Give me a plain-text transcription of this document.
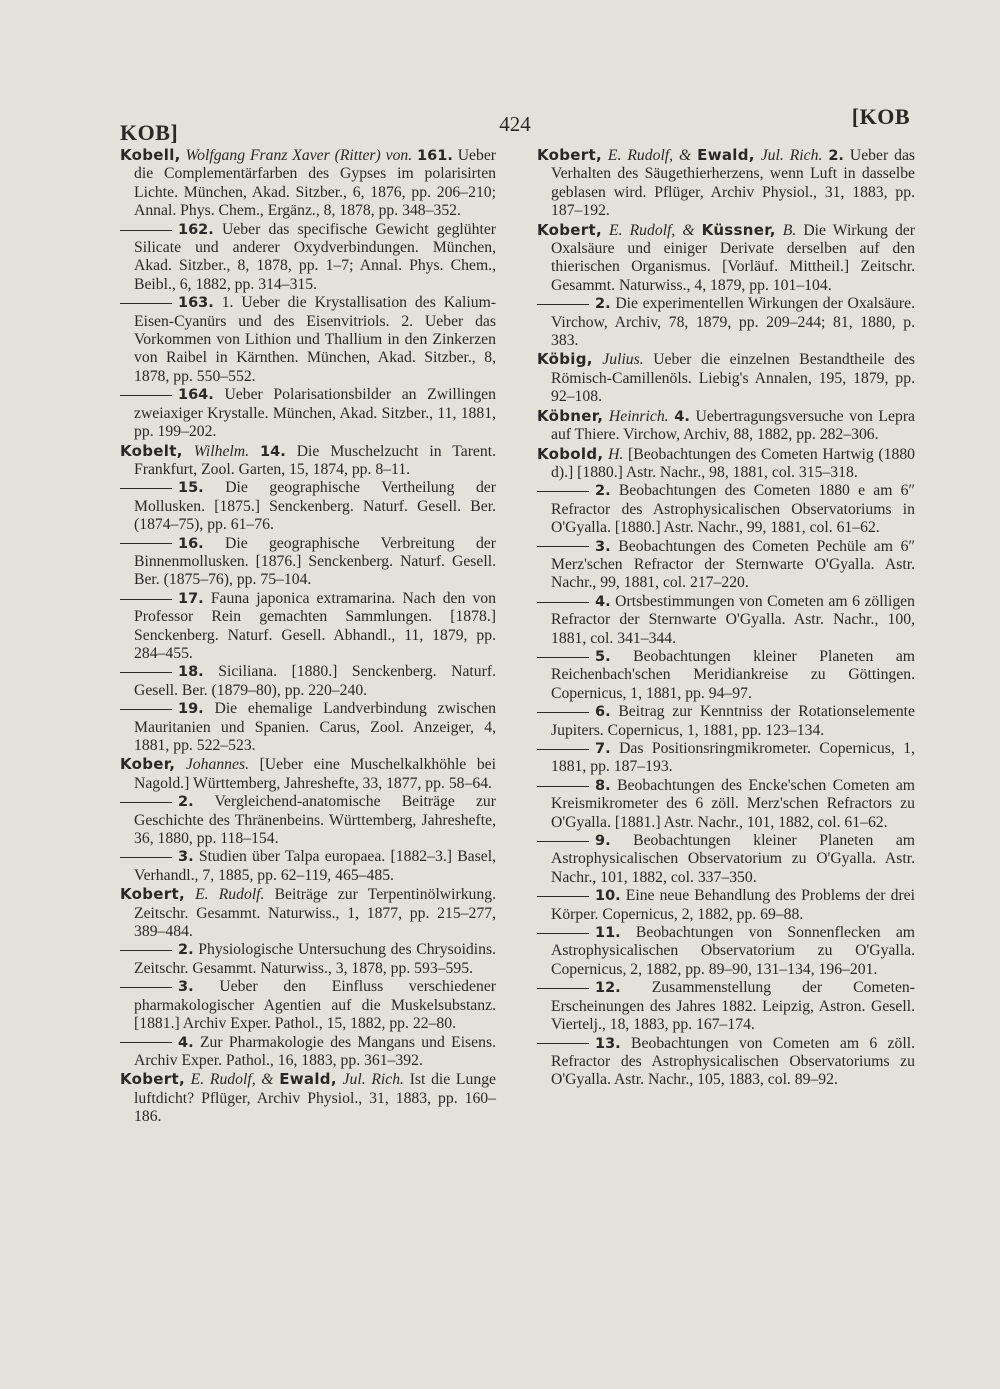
KOB]	424	[KOB
Kobell, Wolfgang Franz Xaver (Ritter) von. 161. Ueber die Complementärfarben des Gypses im polarisirten Lichte. München, Akad. Sitzber., 6, 1876, pp. 206–210; Annal. Phys. Chem., Ergänz., 8, 1878, pp. 348–352.
162. Ueber das specifische Gewicht geglühter Silicate und anderer Oxydverbindungen. München, Akad. Sitzber., 8, 1878, pp. 1–7; Annal. Phys. Chem., Beibl., 6, 1882, pp. 314–315.
163. 1. Ueber die Krystallisation des Kalium-Eisen-Cyanürs und des Eisenvitriols. 2. Ueber das Vorkommen von Lithion und Thallium in den Zinkerzen von Raibel in Kärnthen. München, Akad. Sitzber., 8, 1878, pp. 550–552.
164. Ueber Polarisationsbilder an Zwillingen zweiaxiger Krystalle. München, Akad. Sitzber., 11, 1881, pp. 199–202.
Kobelt, Wilhelm. 14. Die Muschelzucht in Tarent. Frankfurt, Zool. Garten, 15, 1874, pp. 8–11.
15. Die geographische Vertheilung der Mollusken. [1875.] Senckenberg. Naturf. Gesell. Ber. (1874–75), pp. 61–76.
16. Die geographische Verbreitung der Binnenmollusken. [1876.] Senckenberg. Naturf. Gesell. Ber. (1875–76), pp. 75–104.
17. Fauna japonica extramarina. Nach den von Professor Rein gemachten Sammlungen. [1878.] Senckenberg. Naturf. Gesell. Abhandl., 11, 1879, pp. 284–455.
18. Siciliana. [1880.] Senckenberg. Naturf. Gesell. Ber. (1879–80), pp. 220–240.
19. Die ehemalige Landverbindung zwischen Mauritanien und Spanien. Carus, Zool. Anzeiger, 4, 1881, pp. 522–523.
Kober, Johannes. [Ueber eine Muschelkalkhöhle bei Nagold.] Württemberg, Jahreshefte, 33, 1877, pp. 58–64.
2. Vergleichend-anatomische Beiträge zur Geschichte des Thränenbeins. Württemberg, Jahreshefte, 36, 1880, pp. 118–154.
3. Studien über Talpa europaea. [1882–3.] Basel, Verhandl., 7, 1885, pp. 62–119, 465–485.
Kobert, E. Rudolf. Beiträge zur Terpentinölwirkung. Zeitschr. Gesammt. Naturwiss., 1, 1877, pp. 215–277, 389–484.
2. Physiologische Untersuchung des Chrysoidins. Zeitschr. Gesammt. Naturwiss., 3, 1878, pp. 593–595.
3. Ueber den Einfluss verschiedener pharmakologischer Agentien auf die Muskelsubstanz. [1881.] Archiv Exper. Pathol., 15, 1882, pp. 22–80.
4. Zur Pharmakologie des Mangans und Eisens. Archiv Exper. Pathol., 16, 1883, pp. 361–392.
Kobert, E. Rudolf, & Ewald, Jul. Rich. Ist die Lunge luftdicht? Pflüger, Archiv Physiol., 31, 1883, pp. 160–186.
Kobert, E. Rudolf, & Ewald, Jul. Rich. 2. Ueber das Verhalten des Säugethierherzens, wenn Luft in dasselbe geblasen wird. Pflüger, Archiv Physiol., 31, 1883, pp. 187–192.
Kobert, E. Rudolf, & Küssner, B. Die Wirkung der Oxalsäure und einiger Derivate derselben auf den thierischen Organismus. [Vorläuf. Mittheil.] Zeitschr. Gesammt. Naturwiss., 4, 1879, pp. 101–104.
2. Die experimentellen Wirkungen der Oxalsäure. Virchow, Archiv, 78, 1879, pp. 209–244; 81, 1880, p. 383.
Köbig, Julius. Ueber die einzelnen Bestandtheile des Römisch-Camillenöls. Liebig's Annalen, 195, 1879, pp. 92–108.
Köbner, Heinrich. 4. Uebertragungsversuche von Lepra auf Thiere. Virchow, Archiv, 88, 1882, pp. 282–306.
Kobold, H. [Beobachtungen des Cometen Hartwig (1880 d).] [1880.] Astr. Nachr., 98, 1881, col. 315–318.
2. Beobachtungen des Cometen 1880 e am 6″ Refractor des Astrophysicalischen Observatoriums in O'Gyalla. [1880.] Astr. Nachr., 99, 1881, col. 61–62.
3. Beobachtungen des Cometen Pechüle am 6″ Merz'schen Refractor der Sternwarte O'Gyalla. Astr. Nachr., 99, 1881, col. 217–220.
4. Ortsbestimmungen von Cometen am 6 zölligen Refractor der Sternwarte O'Gyalla. Astr. Nachr., 100, 1881, col. 341–344.
5. Beobachtungen kleiner Planeten am Reichenbach'schen Meridiankreise zu Göttingen. Copernicus, 1, 1881, pp. 94–97.
6. Beitrag zur Kenntniss der Rotationselemente Jupiters. Copernicus, 1, 1881, pp. 123–134.
7. Das Positionsringmikrometer. Copernicus, 1, 1881, pp. 187–193.
8. Beobachtungen des Encke'schen Cometen am Kreismikrometer des 6 zöll. Merz'schen Refractors zu O'Gyalla. [1881.] Astr. Nachr., 101, 1882, col. 61–62.
9. Beobachtungen kleiner Planeten am Astrophysicalischen Observatorium zu O'Gyalla. Astr. Nachr., 101, 1882, col. 337–350.
10. Eine neue Behandlung des Problems der drei Körper. Copernicus, 2, 1882, pp. 69–88.
11. Beobachtungen von Sonnenflecken am Astrophysicalischen Observatorium zu O'Gyalla. Copernicus, 2, 1882, pp. 89–90, 131–134, 196–201.
12. Zusammenstellung der Cometen-Erscheinungen des Jahres 1882. Leipzig, Astron. Gesell. Viertelj., 18, 1883, pp. 167–174.
13. Beobachtungen von Cometen am 6 zöll. Refractor des Astrophysicalischen Observatoriums zu O'Gyalla. Astr. Nachr., 105, 1883, col. 89–92.
